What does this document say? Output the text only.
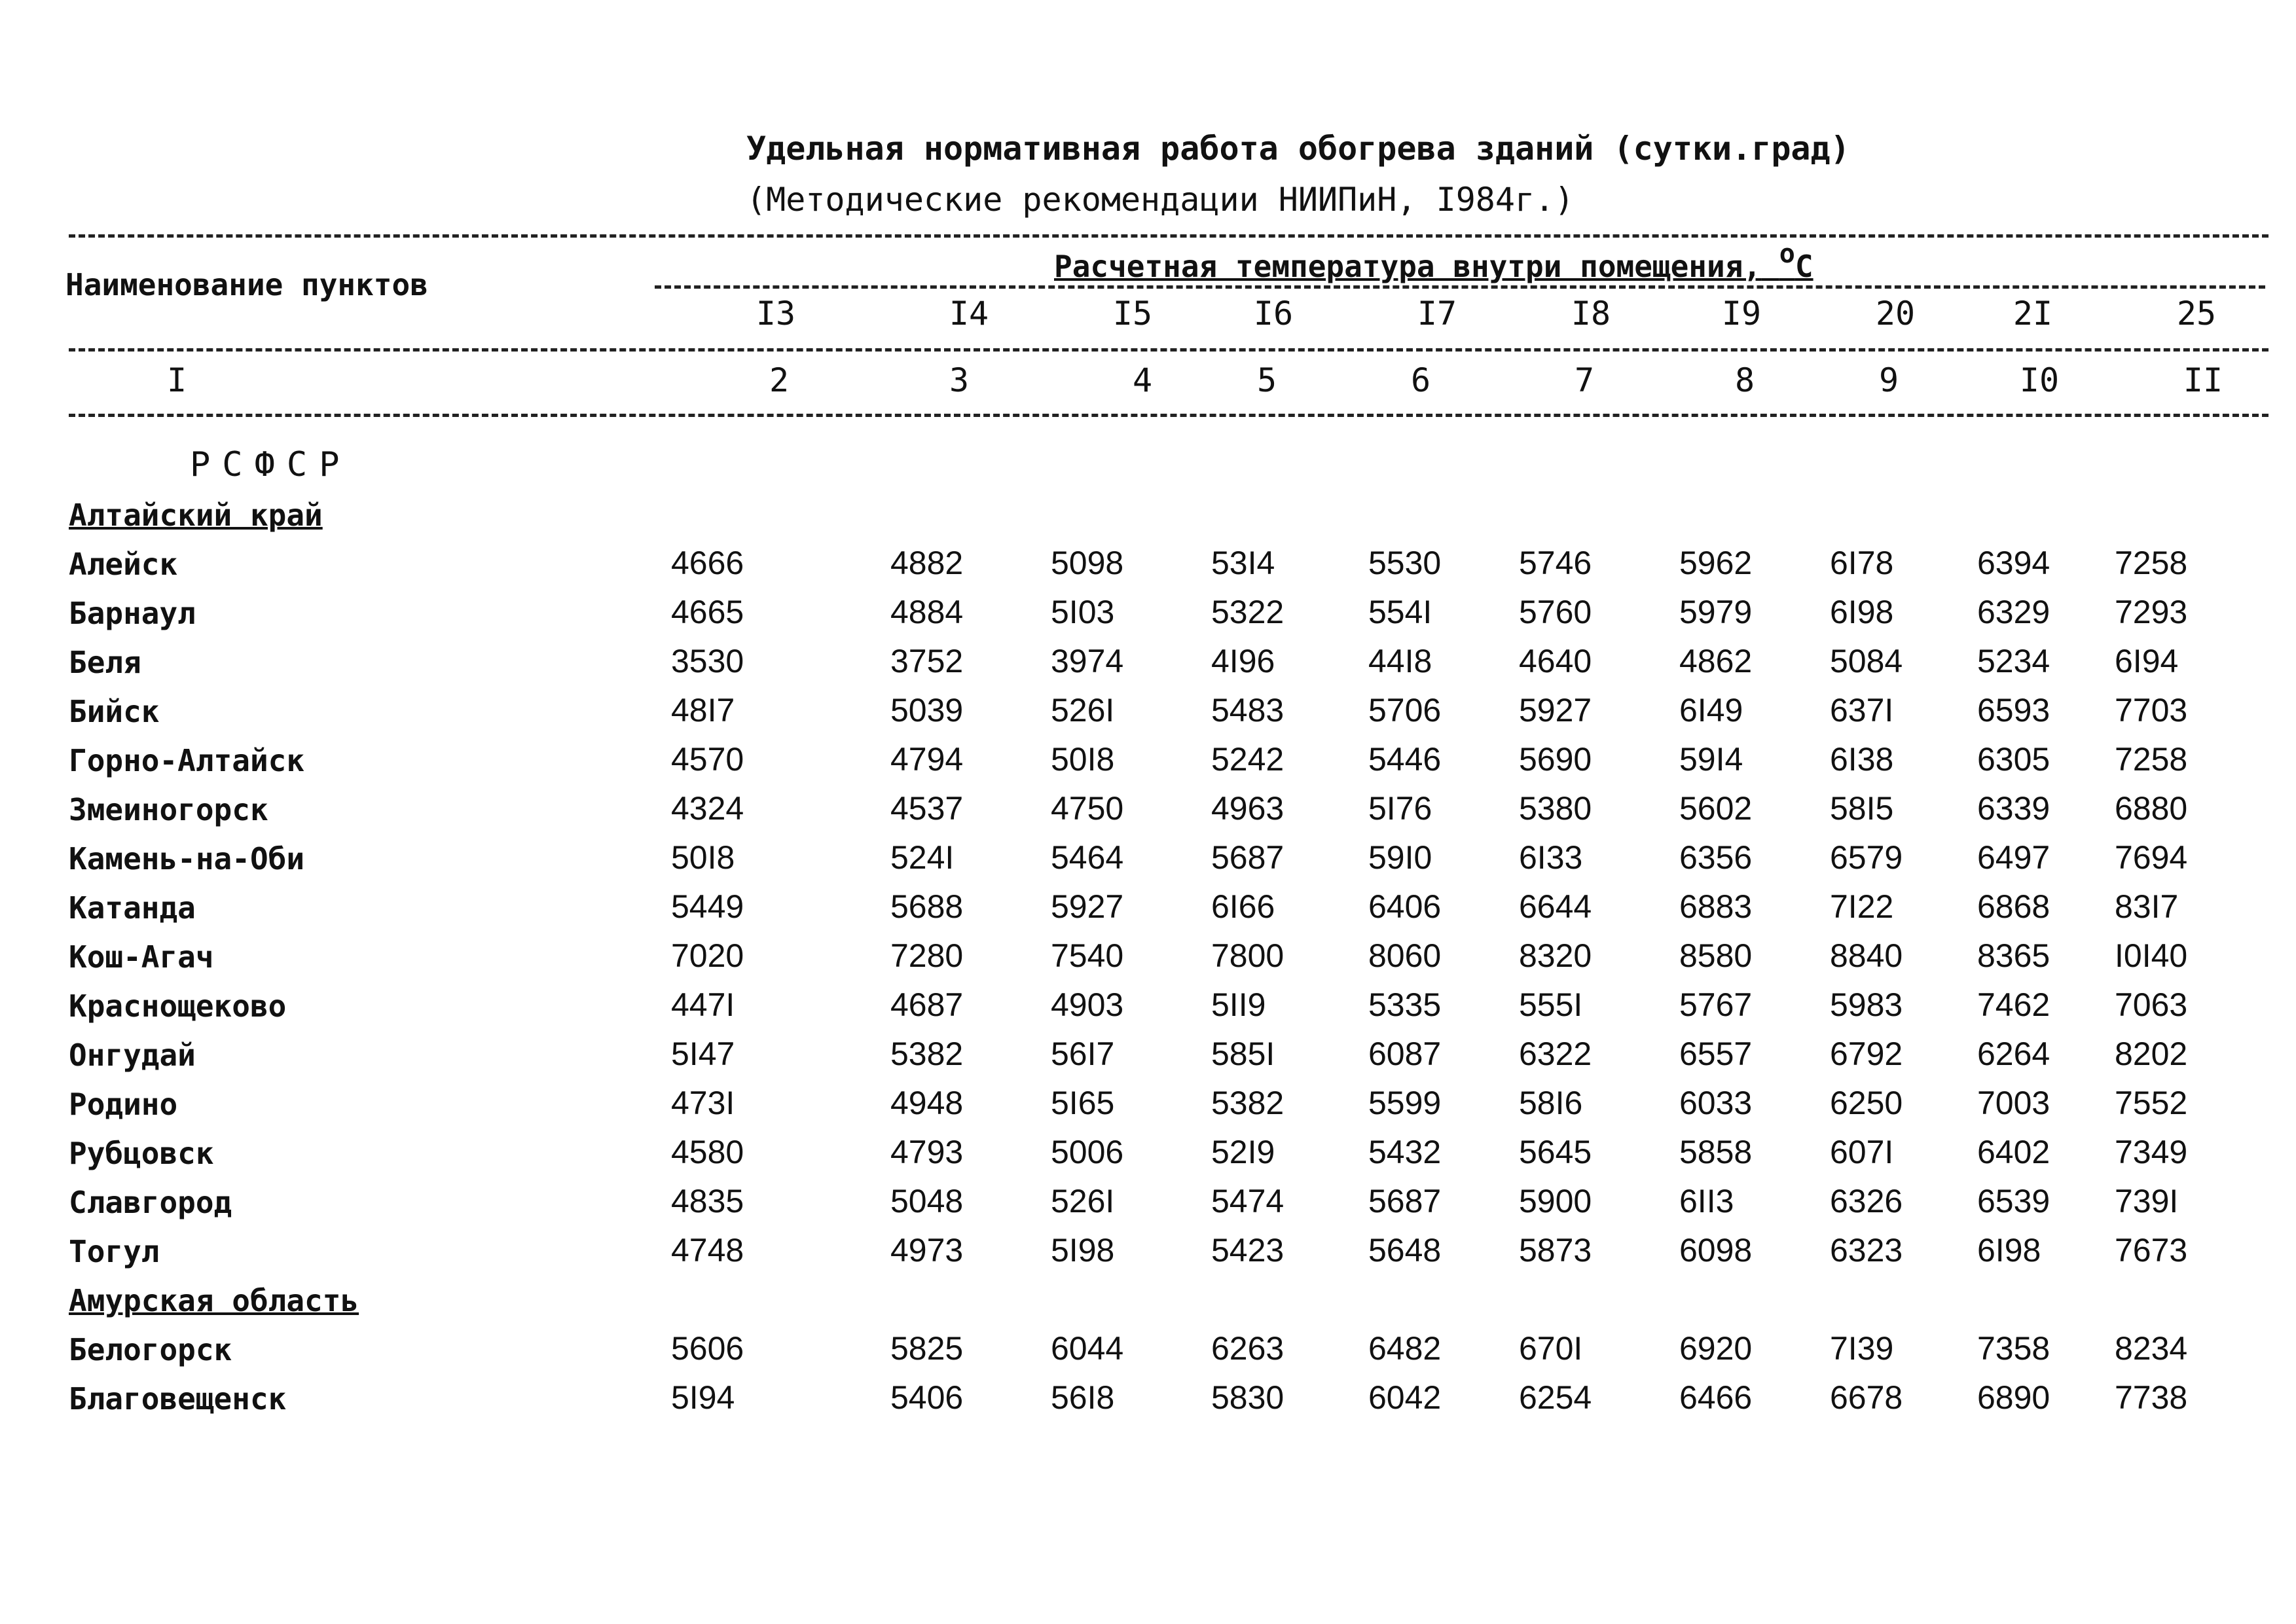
Удельная нормативная работа обогрева зданий (сутки.град)
(Методические рекомендации НИИПиН, I984г.)
Наименование пунктов
Расчетная температура внутри помещения, oC
I3	I4	I5	I6	I7	I8	I9	20	2I	25
I	2	3	4	5	6	7	8	9	I0	II
РСФСР
Алтайский край
Алейск	4666	4882	5098	53I4	5530 5746	5962 6I78	6394 7258
Барнаул	4665	4884	5I03	5322	554I	5760	5979 6I98	6329 7293
Беля	3530	3752	3974	4I96	44I8	4640	4862 5084 5234 6I94
Бийск	48I7	5039	526I	5483	5706 5927	6I49	637I	6593 7703
Горно-Алтайск	4570	4794	50I8	5242	5446 5690	59I4	6I38	6305 7258
Змеиногорск	4324	4537	4750	4963	5I76	5380	5602 58I5	6339 6880
Камень-на-Оби	50I8	524I	5464	5687	59I0	6I33	6356 6579 6497 7694
Катанда	5449	5688	5927	6I66	6406 6644	6883 7I22	6868 83I7
Кош-Агач	7020	7280	7540	7800	8060 8320	8580 8840 8365 I0I40
Краснощеково	447I	4687	4903	5II9	5335 555I	5767 5983 7462 7063
Онгудай	5I47	5382	56I7	585I	6087 6322	6557 6792 6264 8202
Родино	473I	4948	5I65	5382	5599 58I6	6033 6250 7003 7552
Рубцовск	4580	4793	5006	52I9	5432 5645	5858 607I	6402 7349
Славгород	4835	5048	526I	5474	5687 5900	6II3	6326 6539 739I
Тогул	4748	4973	5I98	5423	5648 5873	6098 6323 6I98 7673
Амурская область
Белогорск	5606	5825	6044	6263	6482 670I	6920 7I39	7358 8234
Благовещенск	5I94	5406	56I8	5830	6042 6254	6466 6678 6890 7738
